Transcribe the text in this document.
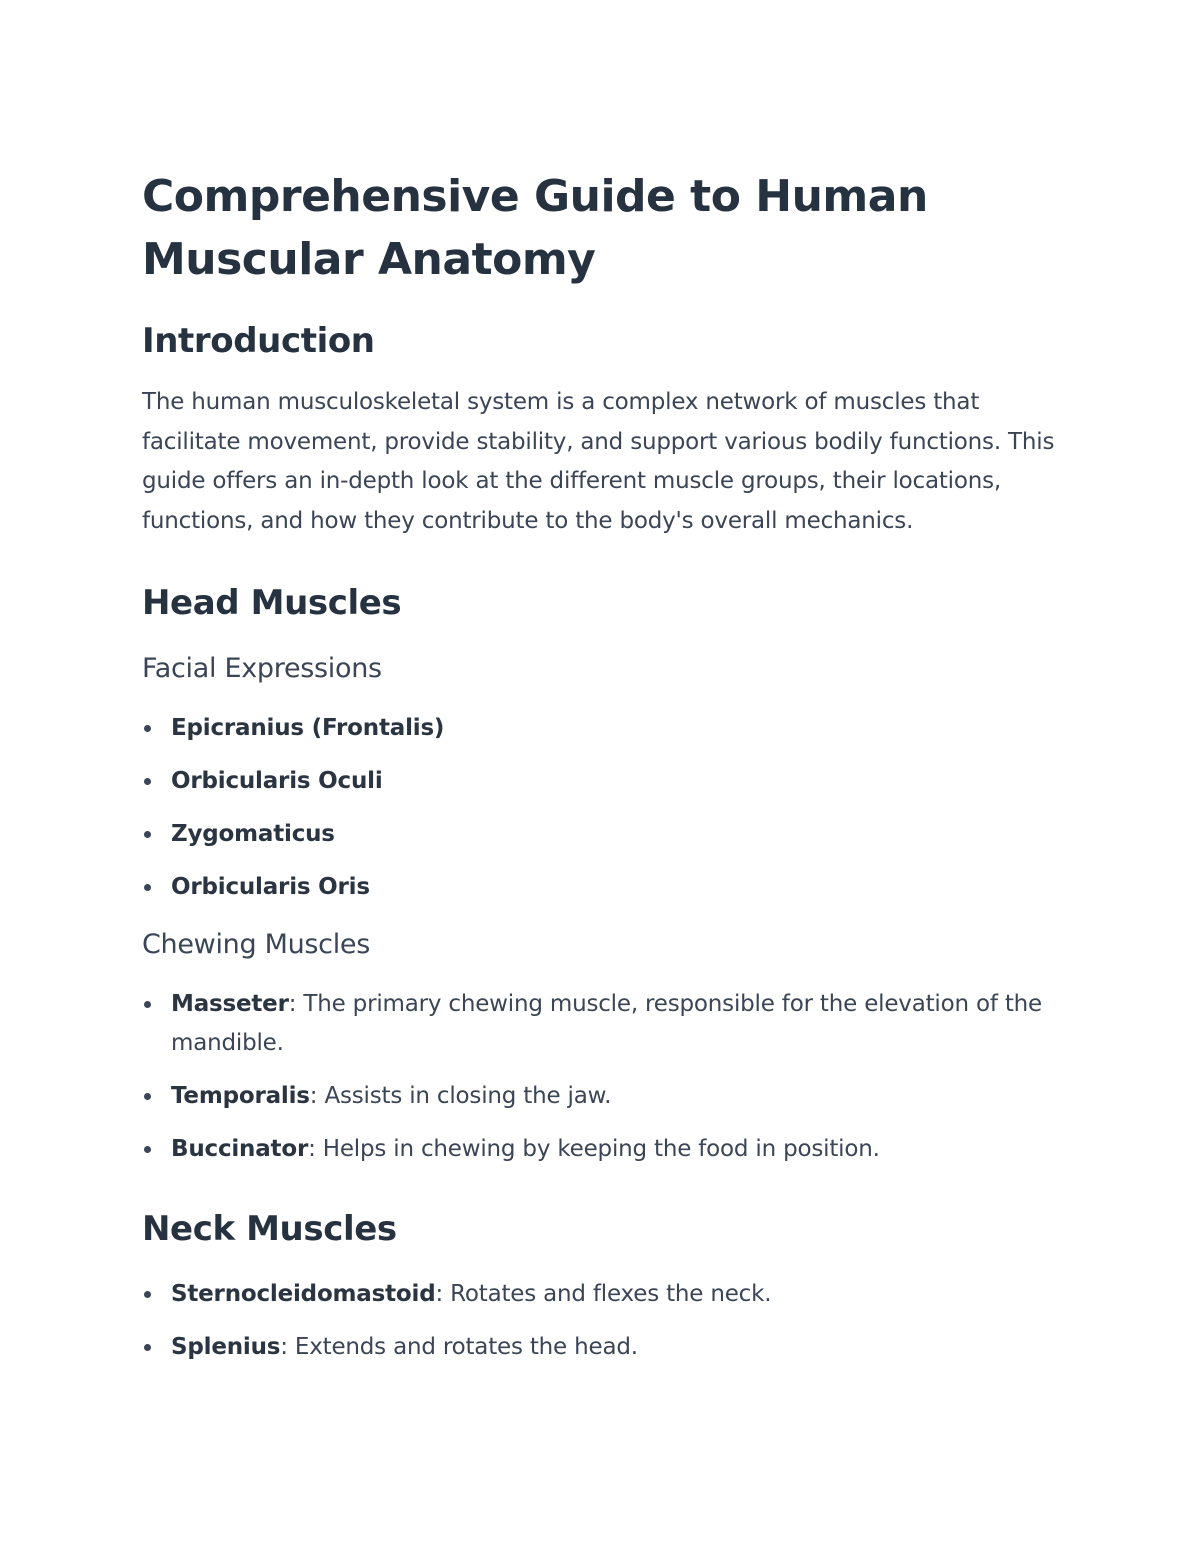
Comprehensive Guide to Human Muscular Anatomy
Introduction

The human musculoskeletal system is a complex network of muscles that facilitate movement, provide stability, and support various bodily functions. This guide offers an in-depth look at the different muscle groups, their locations, functions, and how they contribute to the body's overall mechanics.

Head Muscles
Facial Expressions
Epicranius (Frontalis)
Orbicularis Oculi
Zygomaticus
Orbicularis Oris
Chewing Muscles
Masseter: The primary chewing muscle, responsible for the elevation of the mandible.
Temporalis: Assists in closing the jaw.
Buccinator: Helps in chewing by keeping the food in position.
Neck Muscles
Sternocleidomastoid: Rotates and flexes the neck.
Splenius: Extends and rotates the head.
